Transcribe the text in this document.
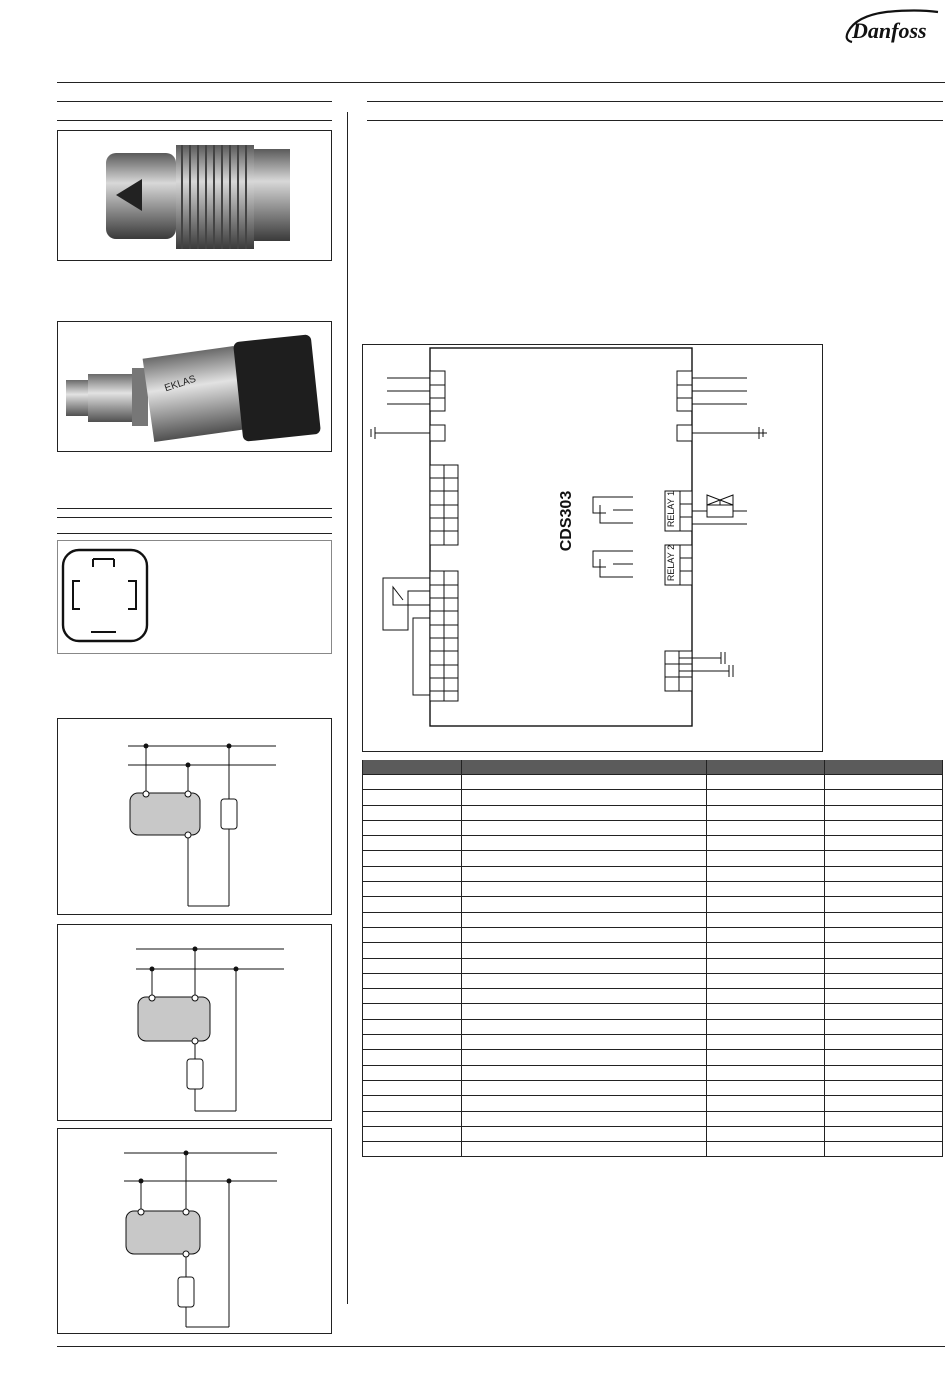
Danfoss
EKLAS
CDS303	RELAY 1
RELAY 2
